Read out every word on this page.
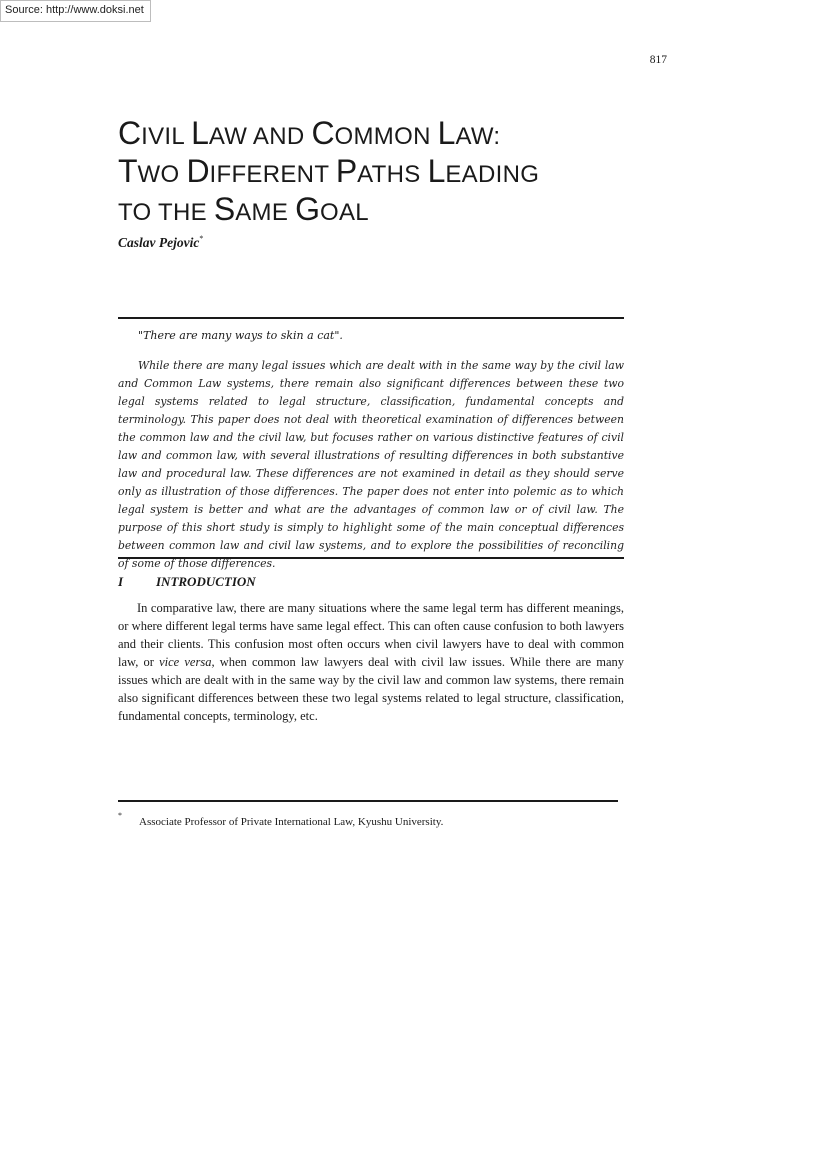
Source: http://www.doksi.net
817
CIVIL LAW AND COMMON LAW:
TWO DIFFERENT PATHS LEADING
TO THE SAME GOAL
Caslav Pejovic*
"There are many ways to skin a cat".

While there are many legal issues which are dealt with in the same way by the civil law and Common Law systems, there remain also significant differences between these two legal systems related to legal structure, classification, fundamental concepts and terminology. This paper does not deal with theoretical examination of differences between the common law and the civil law, but focuses rather on various distinctive features of civil law and common law, with several illustrations of resulting differences in both substantive law and procedural law. These differences are not examined in detail as they should serve only as illustration of those differences. The paper does not enter into polemic as to which legal system is better and what are the advantages of common law or of civil law. The purpose of this short study is simply to highlight some of the main conceptual differences between common law and civil law systems, and to explore the possibilities of reconciling of some of those differences.

I	INTRODUCTION

In comparative law, there are many situations where the same legal term has different meanings, or where different legal terms have same legal effect. This can often cause confusion to both lawyers and their clients. This confusion most often occurs when civil lawyers have to deal with common law, or vice versa, when common law lawyers deal with civil law issues. While there are many issues which are dealt with in the same way by the civil law and common law systems, there remain also significant differences between these two legal systems related to legal structure, classification, fundamental concepts, terminology, etc.

*
Associate Professor of Private International Law, Kyushu University.
